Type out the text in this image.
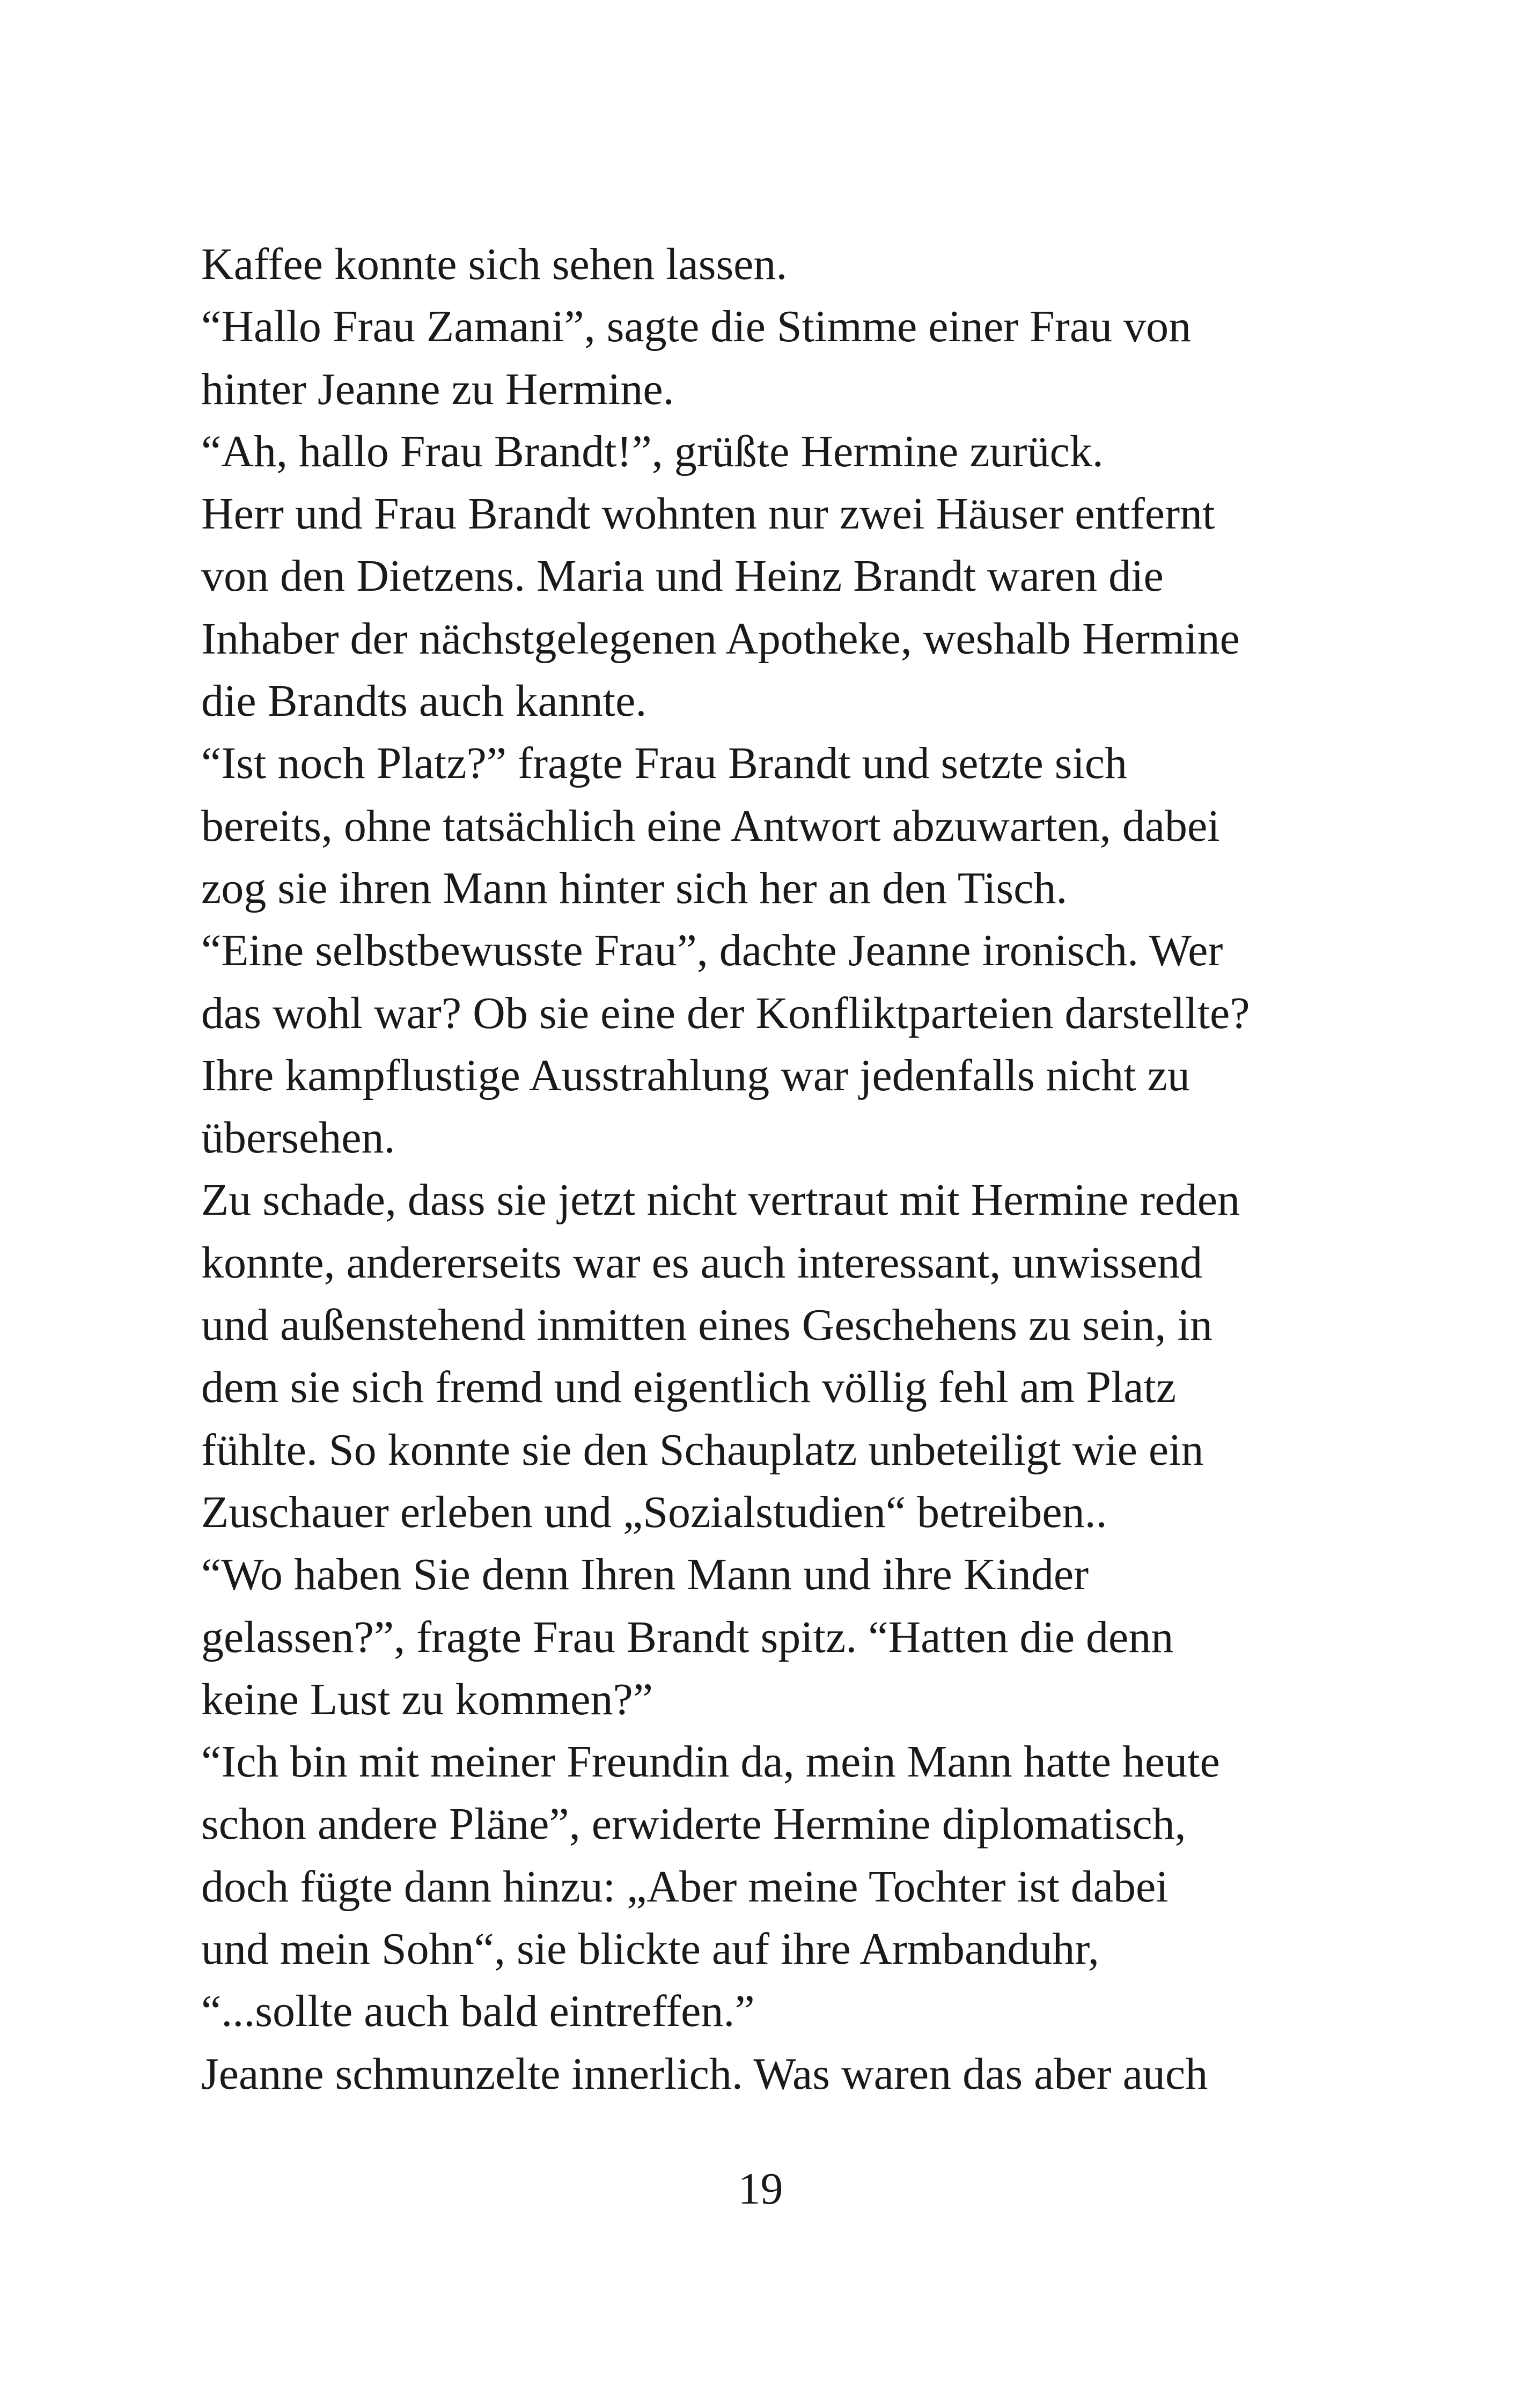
Kaffee konnte sich sehen lassen.
“Hallo Frau Zamani”, sagte die Stimme einer Frau von
hinter Jeanne zu Hermine.
“Ah, hallo Frau Brandt!”, grüßte Hermine zurück.
Herr und Frau Brandt wohnten nur zwei Häuser entfernt
von den Dietzens. Maria und Heinz Brandt waren die
Inhaber der nächstgelegenen Apotheke, weshalb Hermine
die Brandts auch kannte.
“Ist noch Platz?” fragte Frau Brandt und setzte sich
bereits, ohne tatsächlich eine Antwort abzuwarten, dabei
zog sie ihren Mann hinter sich her an den Tisch.
“Eine selbstbewusste Frau”, dachte Jeanne ironisch. Wer
das wohl war? Ob sie eine der Konfliktparteien darstellte?
Ihre kampflustige Ausstrahlung war jedenfalls nicht zu
übersehen.
Zu schade, dass sie jetzt nicht vertraut mit Hermine reden
konnte, andererseits war es auch interessant, unwissend
und außenstehend inmitten eines Geschehens zu sein, in
dem sie sich fremd und eigentlich völlig fehl am Platz
fühlte. So konnte sie den Schauplatz unbeteiligt wie ein
Zuschauer erleben und „Sozialstudien“ betreiben..
“Wo haben Sie denn Ihren Mann und ihre Kinder
gelassen?”, fragte Frau Brandt spitz. “Hatten die denn
keine Lust zu kommen?”
“Ich bin mit meiner Freundin da, mein Mann hatte heute
schon andere Pläne”, erwiderte Hermine diplomatisch,
doch fügte dann hinzu: „Aber meine Tochter ist dabei
und mein Sohn“, sie blickte auf ihre Armbanduhr,
“...sollte auch bald eintreffen.”
Jeanne schmunzelte innerlich. Was waren das aber auch
19
